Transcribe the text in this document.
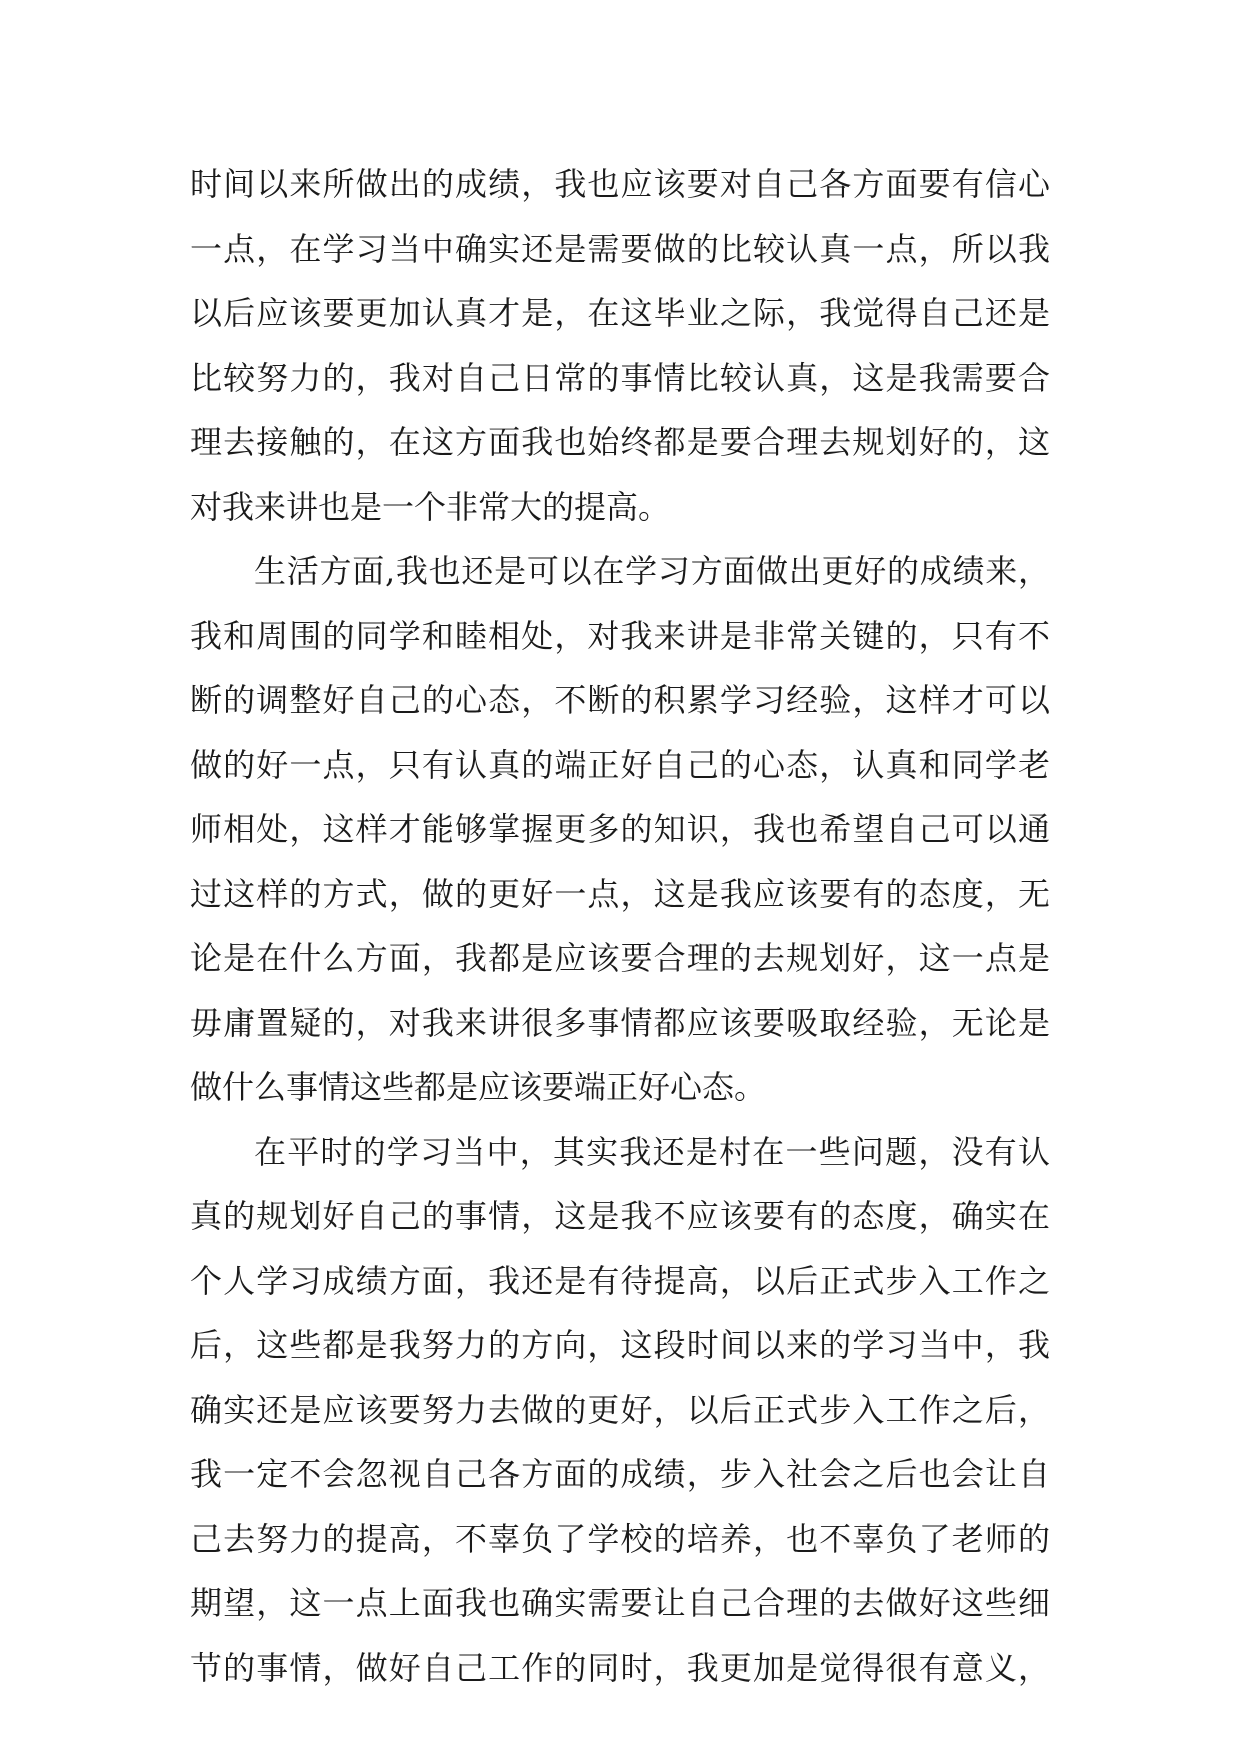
时间以来所做出的成绩，我也应该要对自己各方面要有信心
一点，在学习当中确实还是需要做的比较认真一点，所以我
以后应该要更加认真才是，在这毕业之际，我觉得自己还是
比较努力的，我对自己日常的事情比较认真，这是我需要合
理去接触的，在这方面我也始终都是要合理去规划好的，这
对我来讲也是一个非常大的提高。
生活方面,我也还是可以在学习方面做出更好的成绩来，
我和周围的同学和睦相处，对我来讲是非常关键的，只有不
断的调整好自己的心态，不断的积累学习经验，这样才可以
做的好一点，只有认真的端正好自己的心态，认真和同学老
师相处，这样才能够掌握更多的知识，我也希望自己可以通
过这样的方式，做的更好一点，这是我应该要有的态度，无
论是在什么方面，我都是应该要合理的去规划好，这一点是
毋庸置疑的，对我来讲很多事情都应该要吸取经验，无论是
做什么事情这些都是应该要端正好心态。
在平时的学习当中，其实我还是村在一些问题，没有认
真的规划好自己的事情，这是我不应该要有的态度，确实在
个人学习成绩方面，我还是有待提高，以后正式步入工作之
后，这些都是我努力的方向，这段时间以来的学习当中，我
确实还是应该要努力去做的更好，以后正式步入工作之后，
我一定不会忽视自己各方面的成绩，步入社会之后也会让自
己去努力的提高，不辜负了学校的培养，也不辜负了老师的
期望，这一点上面我也确实需要让自己合理的去做好这些细
节的事情，做好自己工作的同时，我更加是觉得很有意义，
